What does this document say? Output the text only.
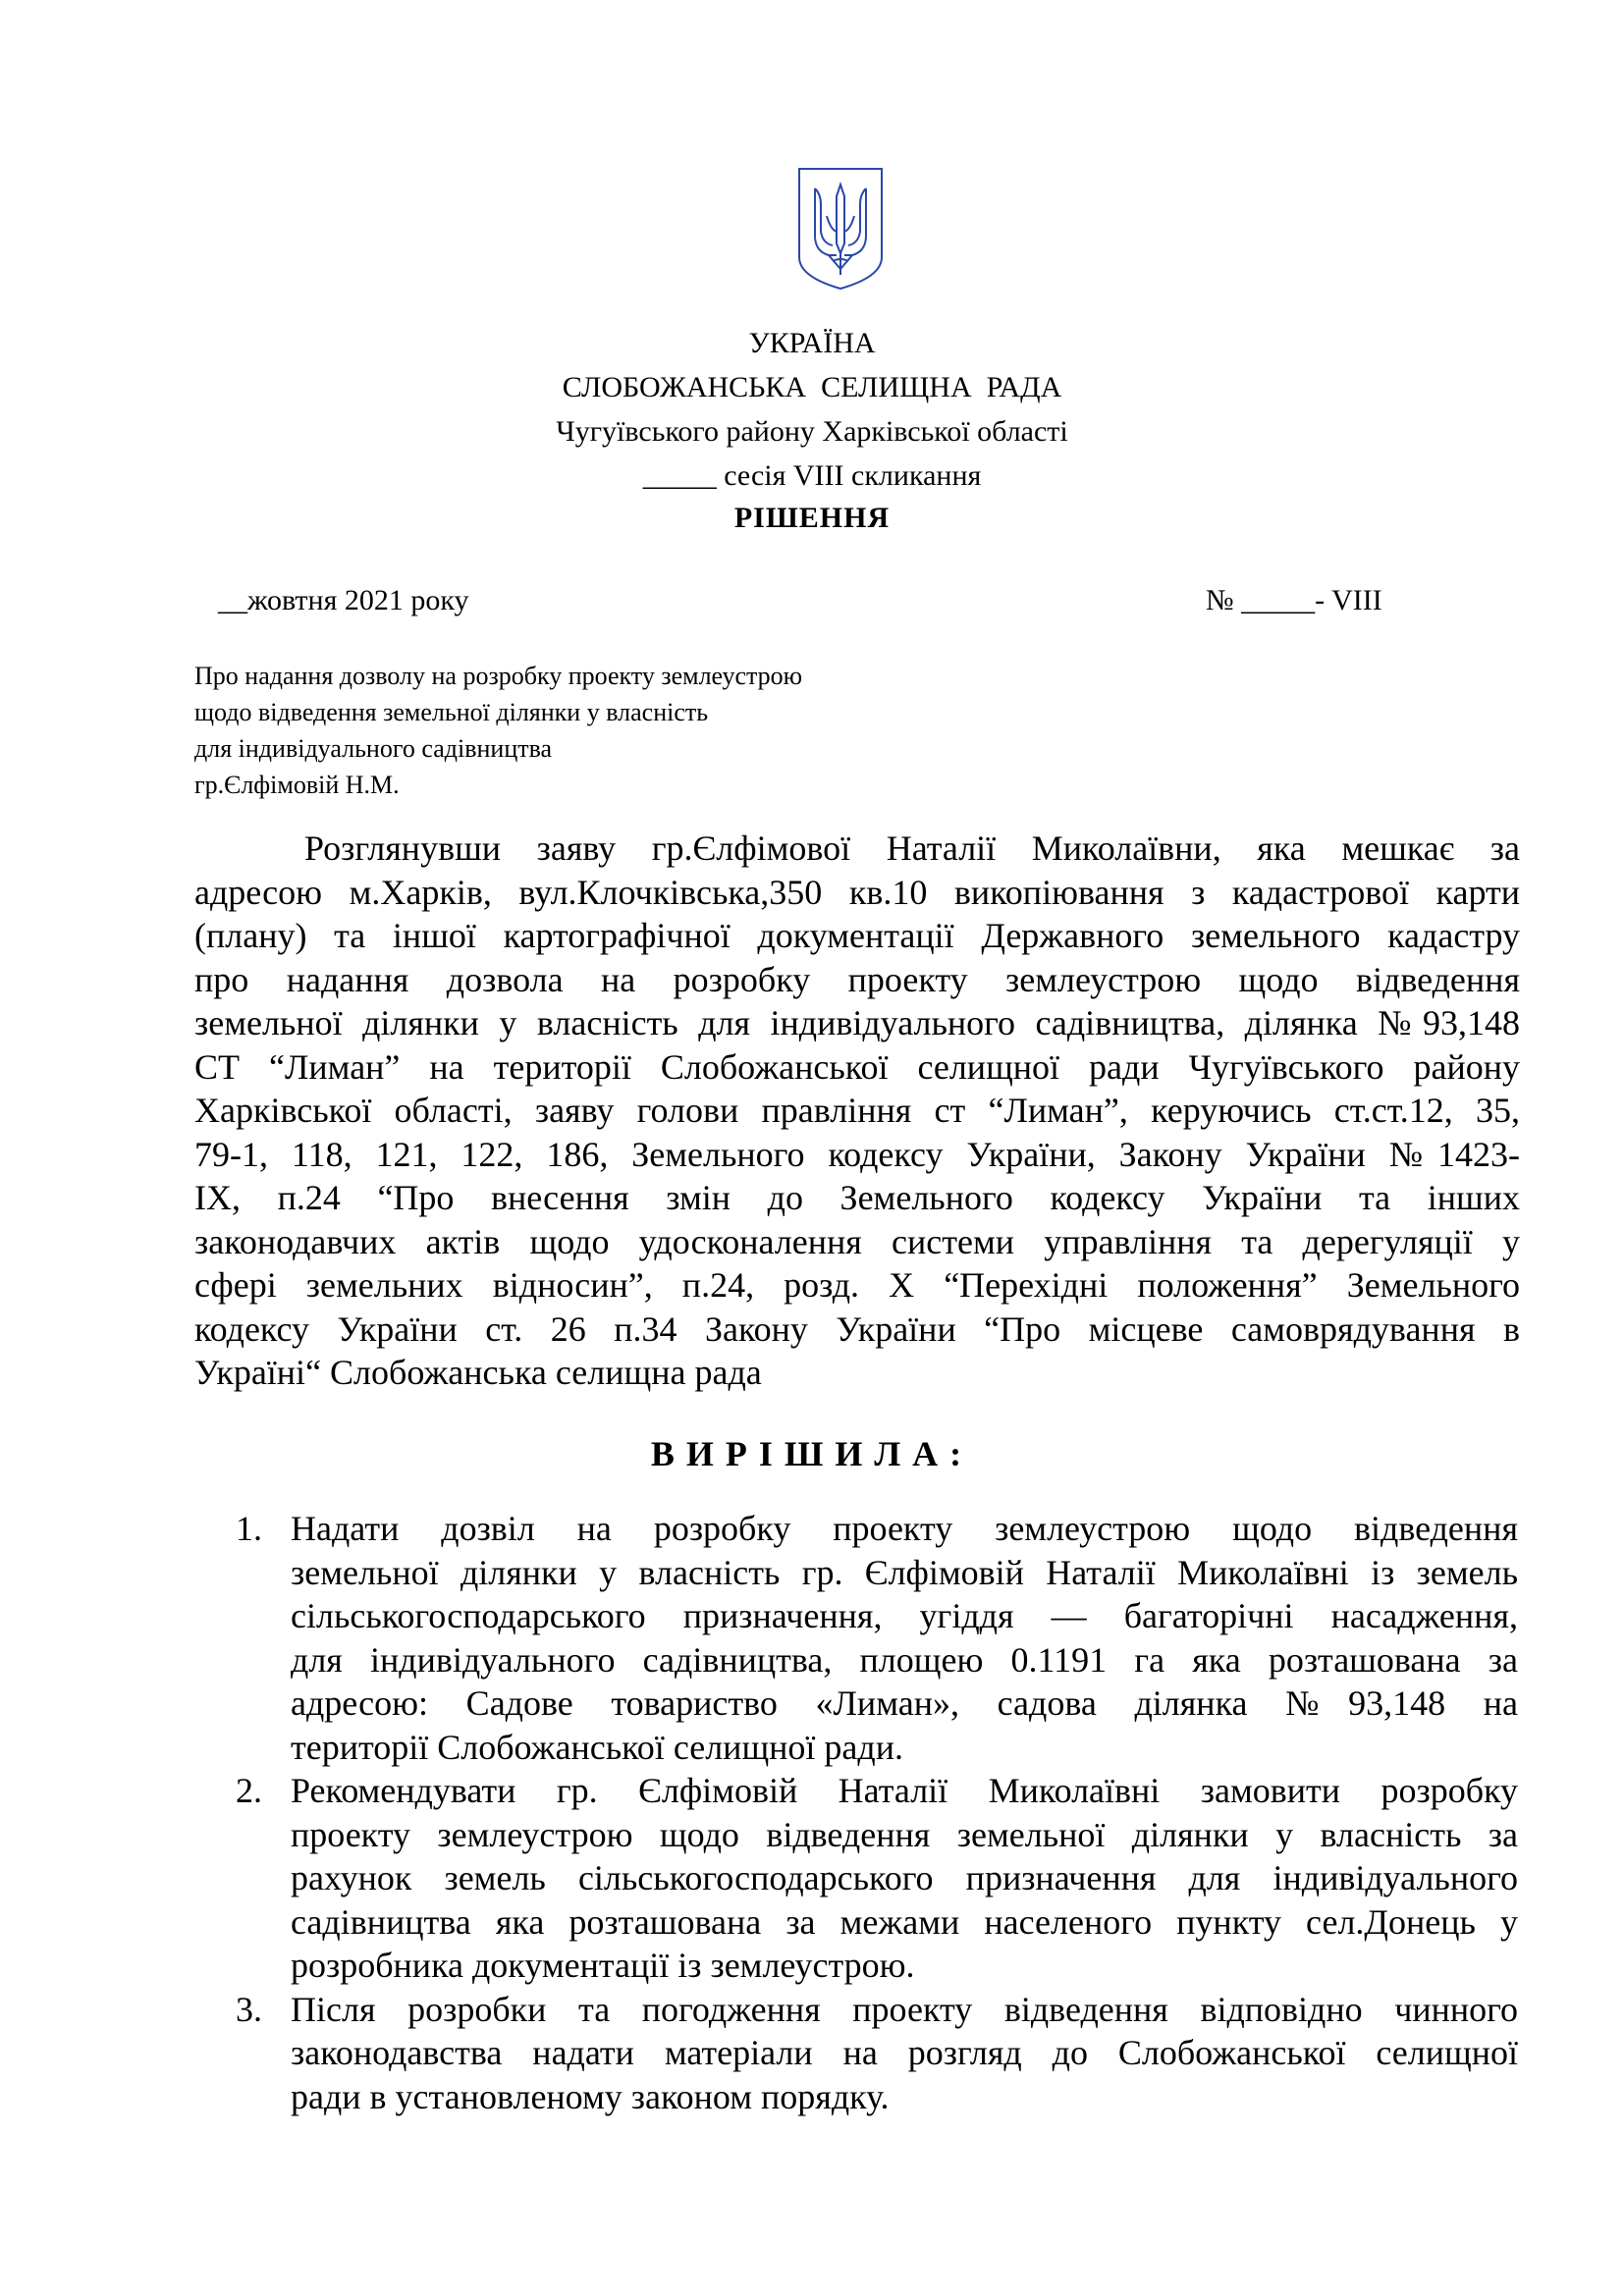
УКРАЇНА
СЛОБОЖАНСЬКА  СЕЛИЩНА  РАДА
Чугуївського району Харківської області
_____ сесія VIII скликання
РІШЕННЯ
__жовтня 2021 року	№ _____- VIII
Про надання дозволу на розробку проекту землеустрою
щодо відведення земельної ділянки у власність
для індивідуального садівництва
гр.Єлфімовій Н.М.
Розглянувши заяву гр.Єлфімової Наталії Миколаївни, яка мешкає за
адресою м.Харків, вул.Клочківська,350 кв.10 викопіювання з кадастрової карти
(плану) та іншої картографічної документації Державного земельного кадастру
про надання дозвола на розробку проекту землеустрою щодо відведення
земельної ділянки у власність для індивідуального садівництва, ділянка №93,148
СТ “Лиман” на території Слобожанської селищної ради Чугуївського району
Харківської області, заяву голови правління ст “Лиман”, керуючись ст.ст.12, 35,
79-1, 118, 121, 122, 186, Земельного кодексу України, Закону України №1423-
IX, п.24 “Про внесення змін до Земельного кодексу України та інших
законодавчих актів щодо удосконалення системи управління та дерегуляції у
сфері земельних відносин”, п.24, розд. Х “Перехідні положення” Земельного
кодексу України ст. 26 п.34 Закону України “Про місцеве самоврядування в
Україні“ Слобожанська селищна рада
ВИРІШИЛА:
1. Надати дозвіл на розробку проекту землеустрою щодо відведення
земельної ділянки у власність гр. Єлфімовій Наталії Миколаївні із земель
сільськогосподарського призначення, угіддя — багаторічні насадження,
для індивідуального садівництва, площею 0.1191 га яка розташована за
адресою: Садове товариство «Лиман», садова ділянка №93,148 на
території Слобожанської селищної ради.
2. Рекомендувати гр. Єлфімовій Наталії Миколаївні замовити розробку
проекту землеустрою щодо відведення земельної ділянки у власність за
рахунок земель сільськогосподарського призначення для індивідуального
садівництва яка розташована за межами населеного пункту сел.Донець у
розробника документації із землеустрою.
3. Після розробки та погодження проекту відведення відповідно чинного
законодавства надати матеріали на розгляд до Слобожанської селищної
ради в установленому законом порядку.
